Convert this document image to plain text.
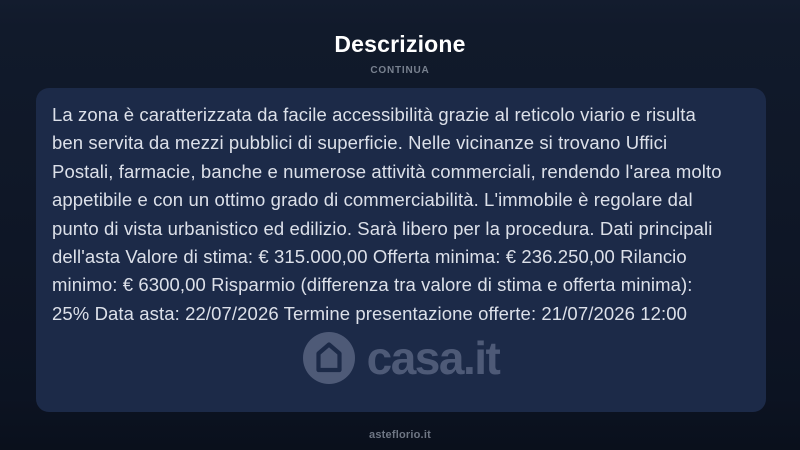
Descrizione
CONTINUA
La zona è caratterizzata da facile accessibilità grazie al reticolo viario e risulta
ben servita da mezzi pubblici di superficie. Nelle vicinanze si trovano Uffici
Postali, farmacie, banche e numerose attività commerciali, rendendo l'area molto
appetibile e con un ottimo grado di commerciabilità. L'immobile è regolare dal
punto di vista urbanistico ed edilizio. Sarà libero per la procedura. Dati principali
dell'asta Valore di stima: € 315.000,00 Offerta minima: € 236.250,00 Rilancio
minimo: € 6300,00 Risparmio (differenza tra valore di stima e offerta minima):
25% Data asta: 22/07/2026 Termine presentazione offerte: 21/07/2026 12:00
casa.it
asteflorio.it
